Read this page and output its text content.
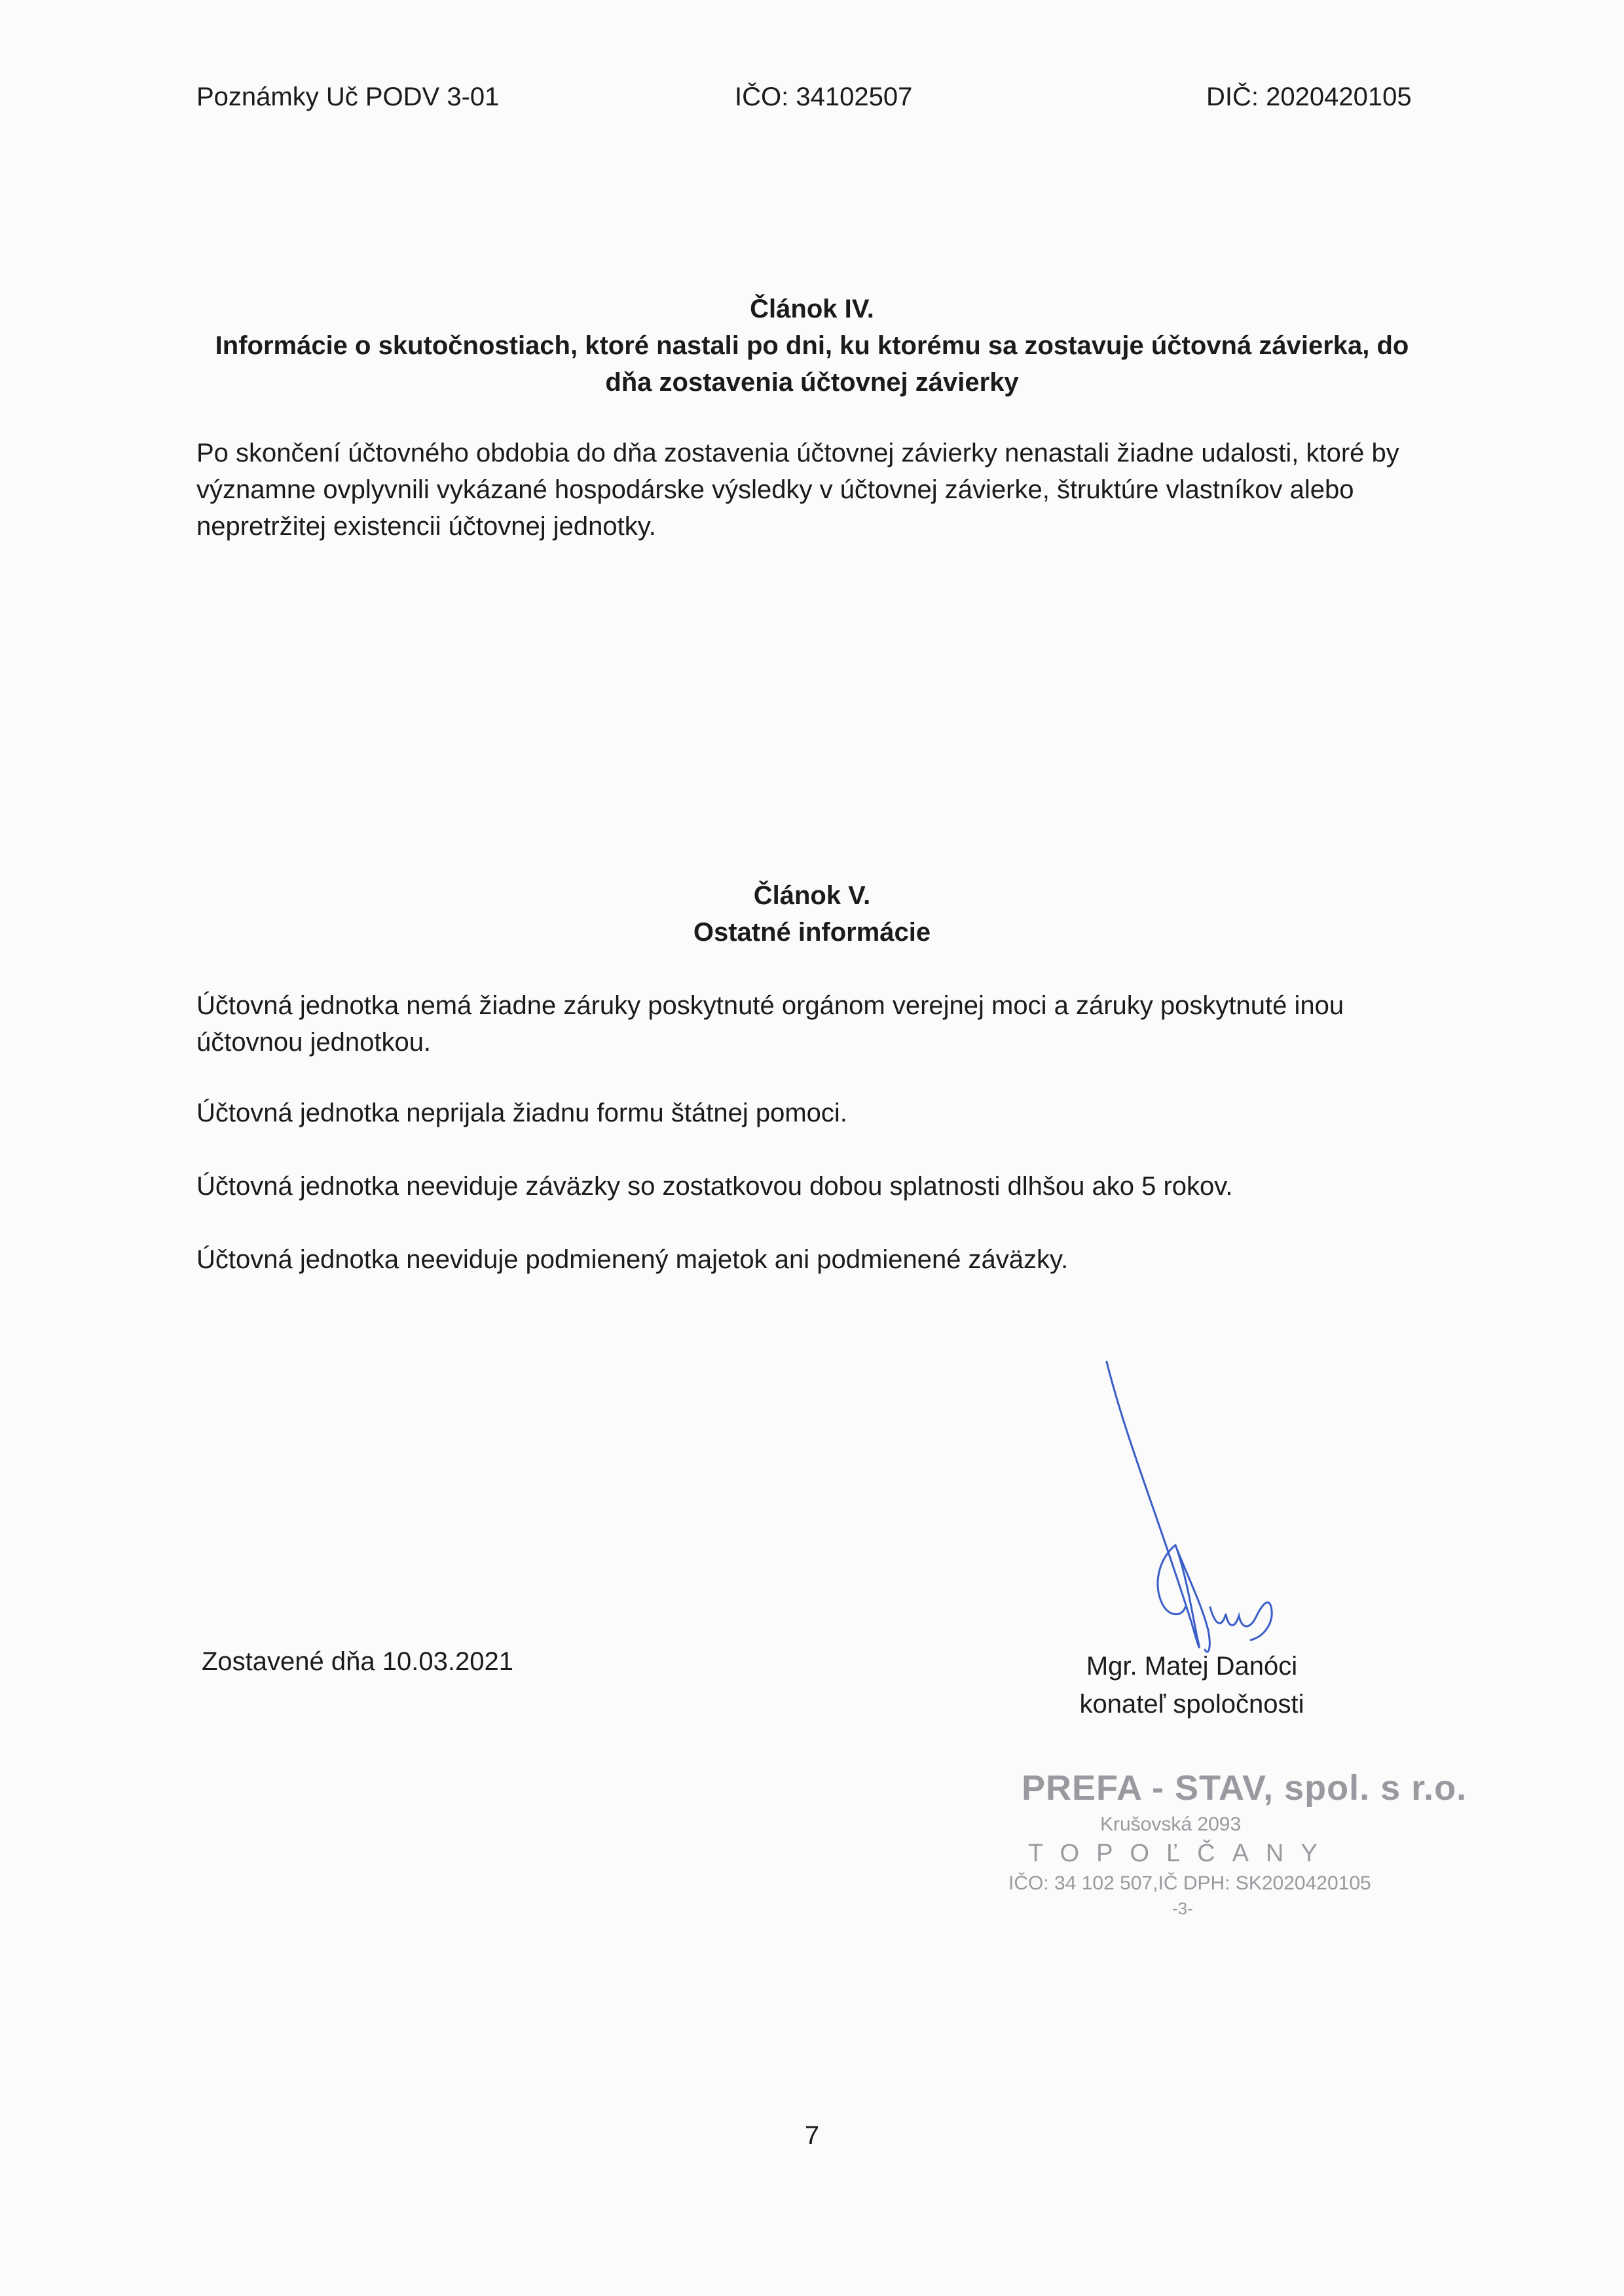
Poznámky Uč PODV 3-01	IČO: 34102507	DIČ: 2020420105
Článok IV.
Informácie o skutočnostiach, ktoré nastali po dni, ku ktorému sa zostavuje účtovná závierka, do
dňa zostavenia účtovnej závierky
Po skončení účtovného obdobia do dňa zostavenia účtovnej závierky nenastali žiadne udalosti, ktoré by významne ovplyvnili vykázané hospodárske výsledky v účtovnej závierke, štruktúre vlastníkov alebo nepretržitej existencii účtovnej jednotky.
Článok V.
Ostatné informácie
Účtovná jednotka nemá žiadne záruky poskytnuté orgánom verejnej moci a záruky poskytnuté inou účtovnou jednotkou.
Účtovná jednotka neprijala žiadnu formu štátnej pomoci.
Účtovná jednotka neeviduje záväzky so zostatkovou dobou splatnosti dlhšou ako 5 rokov.
Účtovná jednotka neeviduje podmienený majetok ani podmienené záväzky.
Zostavené dňa 10.03.2021	Mgr. Matej Danóci
konateľ spoločnosti
PREFA - STAV, spol. s r.o.
Krušovská 2093
TOPOĽČANY
IČO: 34 102 507,IČ DPH: SK2020420105
-3-
7
